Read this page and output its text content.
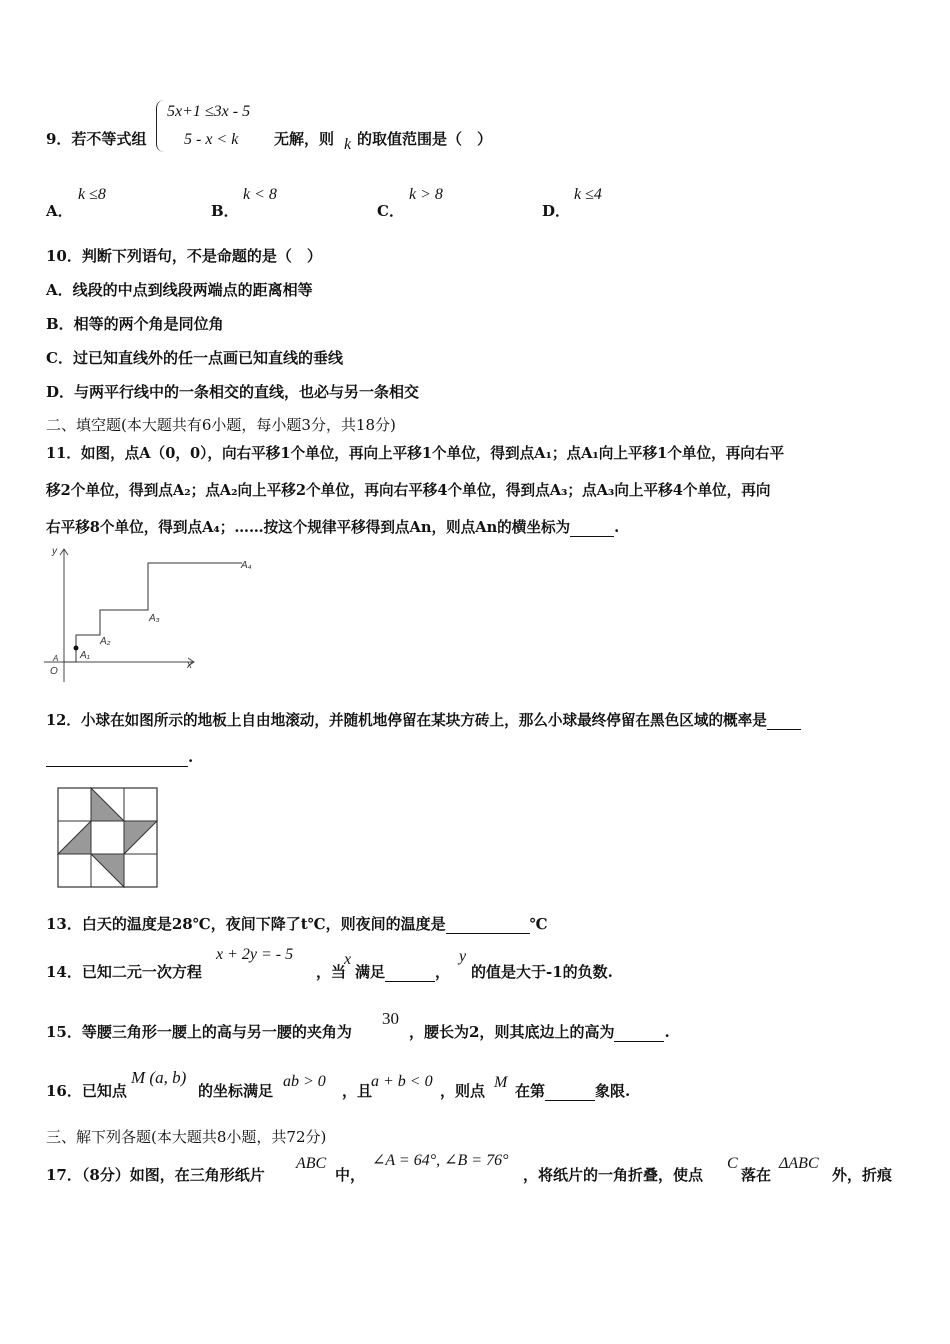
9．若不等式组
5x+1 ≤3x - 5
5 - x < k 无解，则 k 的取值范围是（　）
A．
k ≤8
B．
k < 8
C．
k > 8
D．
k ≤4
10．判断下列语句，不是命题的是（　）
A．线段的中点到线段两端点的距离相等
B．相等的两个角是同位角
C．过已知直线外的任一点画已知直线的垂线
D．与两平行线中的一条相交的直线，也必与另一条相交
二、填空题(本大题共有6小题，每小题3分，共18分)
11．如图，点A（0，0），向右平移1个单位，再向上平移1个单位，得到点A₁；点A₁向上平移1个单位，再向右平
移2个单位，得到点A₂；点A₂向上平移2个单位，再向右平移4个单位，得到点A₃；点A₃向上平移4个单位，再向
右平移8个单位，得到点A₄；……按这个规律平移得到点An，则点An的横坐标为	.
y
x
O
A A₁
A₂
A₃
A₄
12．小球在如图所示的地板上自由地滚动，并随机地停留在某块方砖上，那么小球最终停留在黑色区域的概率是
.
13．白天的温度是28℃，夜间下降了t℃，则夜间的温度是	℃
14．已知二元一次方程
x + 2y = - 5
，当
x
满足	，
y
的值是大于-1的负数.
15．等腰三角形一腰上的高与另一腰的夹角为
30
，腰长为2，则其底边上的高为	.
16．已知点
M (a, b)
的坐标满足
ab > 0
，且
a + b < 0
，则点 M 在第	象限.
三、解下列各题(本大题共8小题，共72分)
17．（8分）如图，在三角形纸片
ABC
中，
∠A = 64°, ∠B = 76°
，将纸片的一角折叠，使点
C
落在
ΔABC
外，折痕
